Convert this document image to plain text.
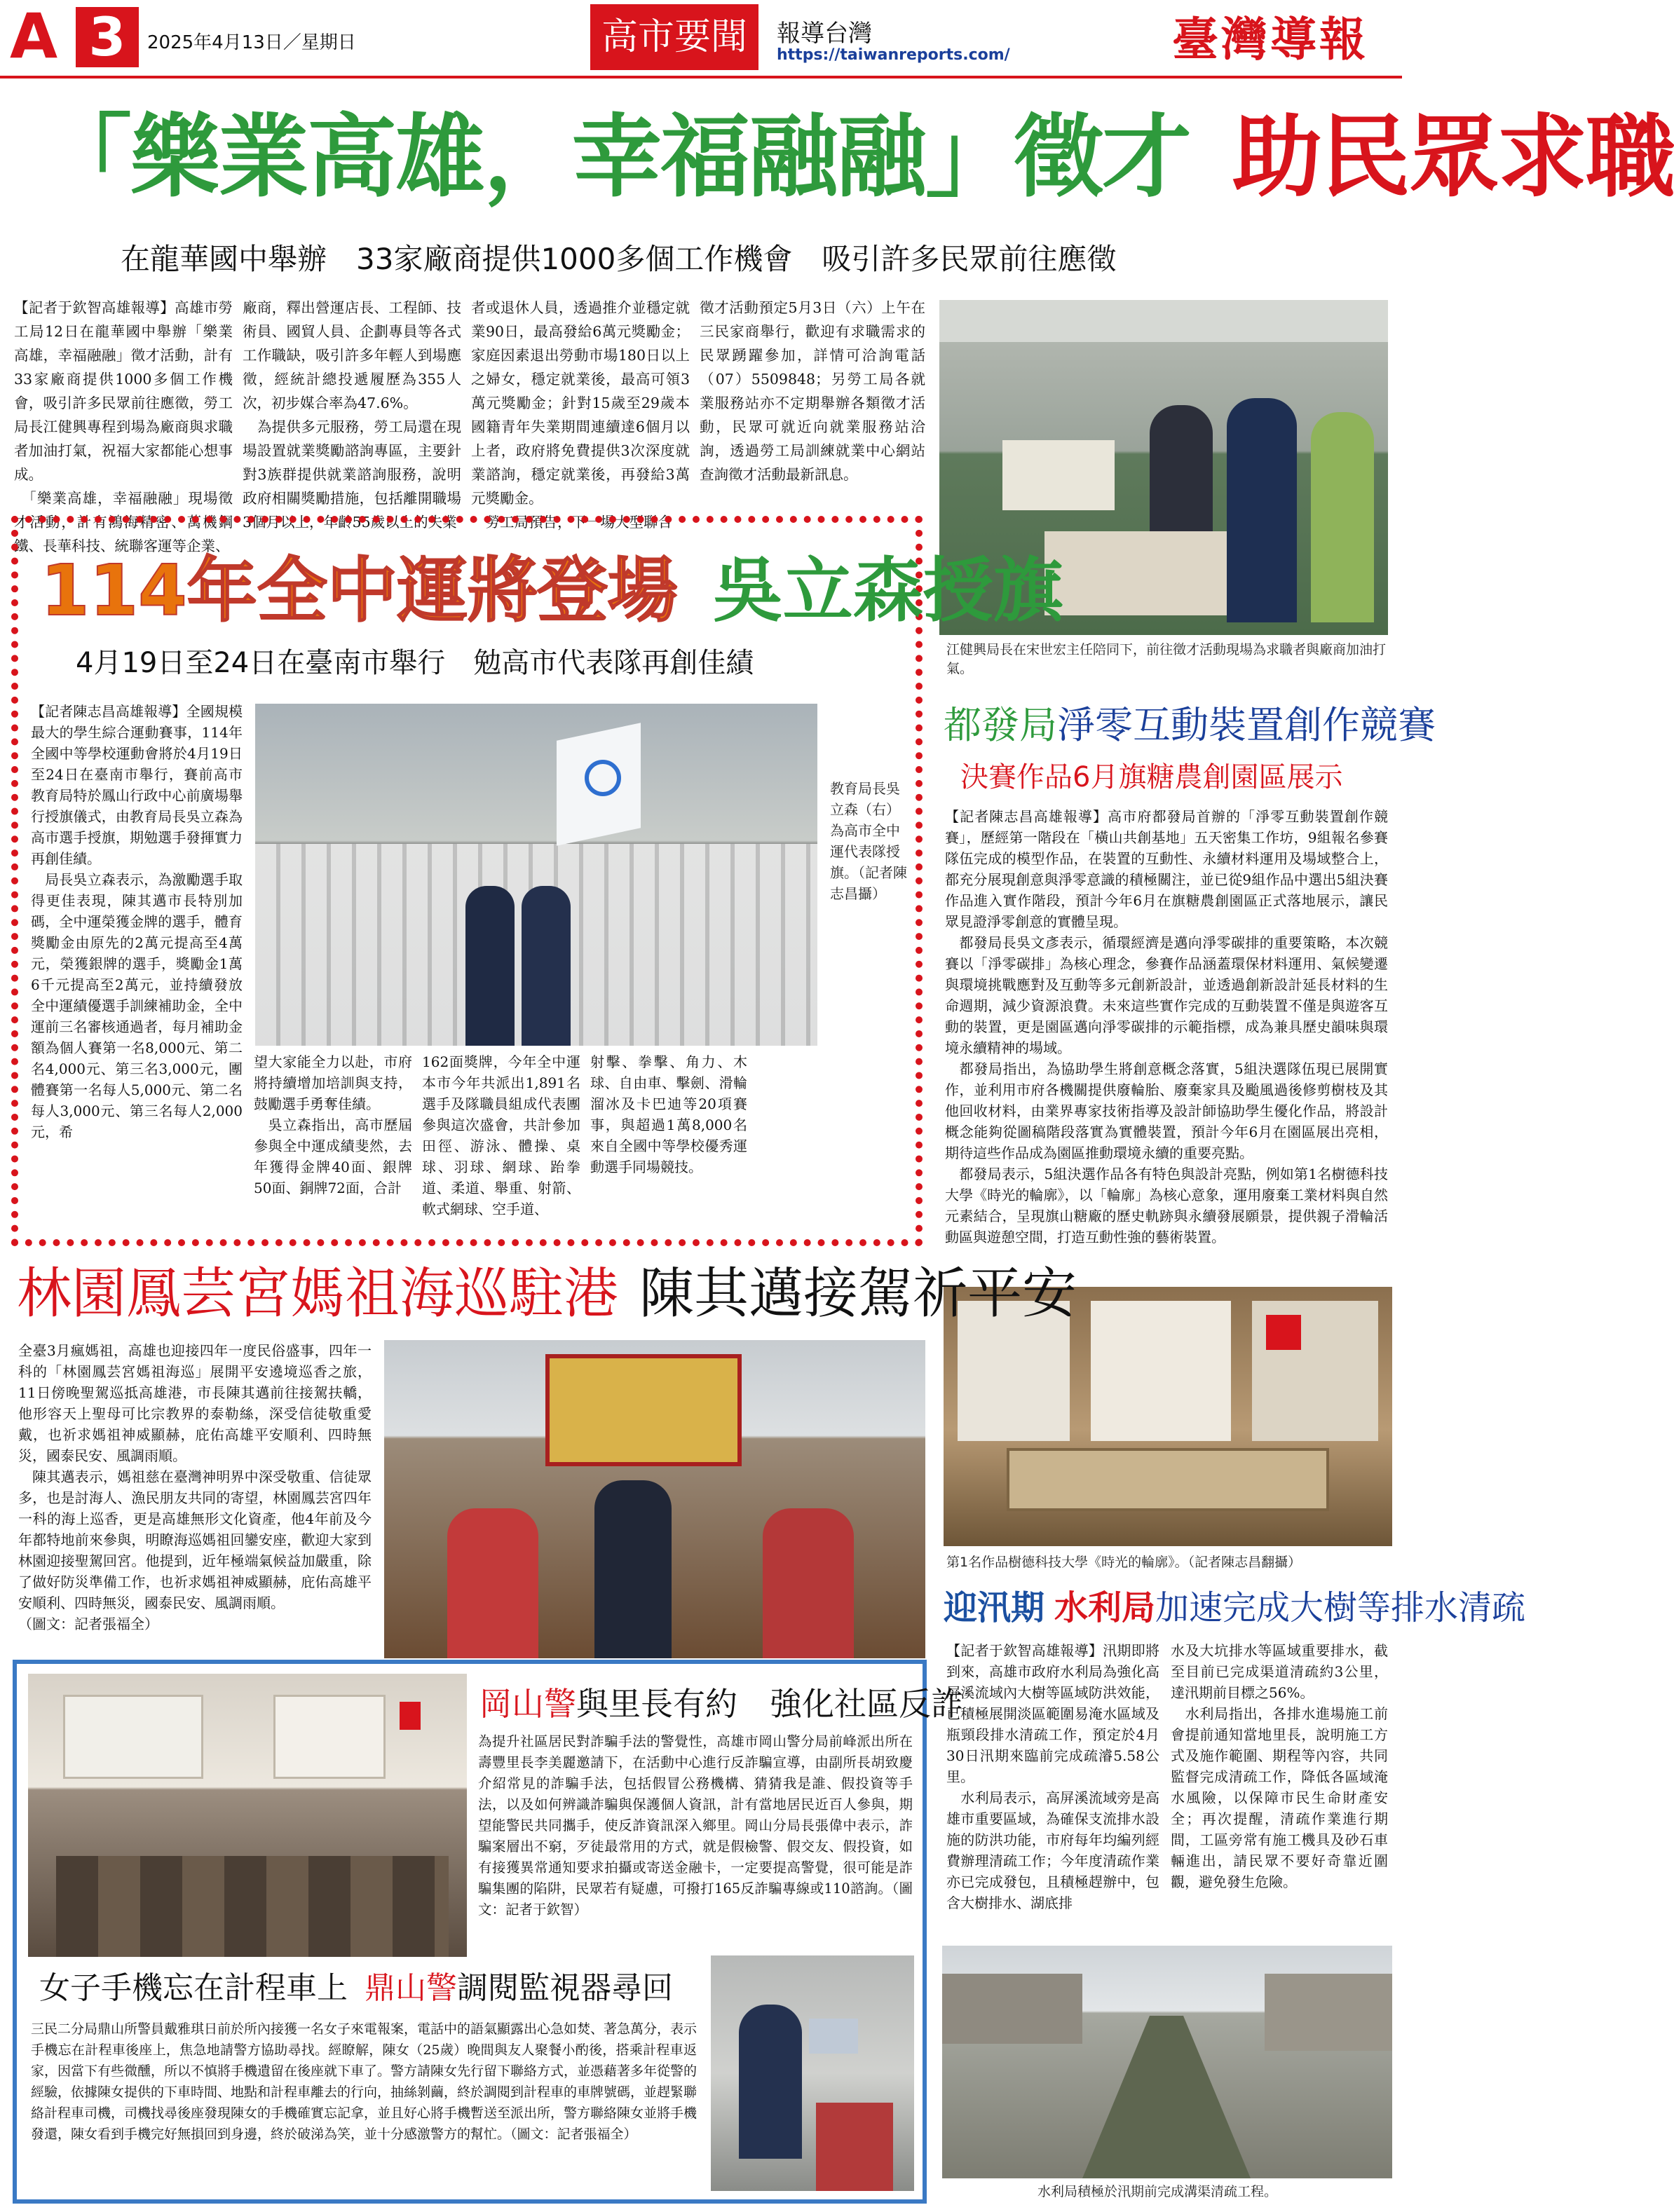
A 3	2025年4月13日／星期日	高市要聞	報導台灣
https://taiwanreports.com/	臺灣導報
「樂業高雄，幸福融融」徵才 助民眾求職
在龍華國中舉辦　33家廠商提供1000多個工作機會　吸引許多民眾前往應徵
【記者于欽智高雄報導】高雄市勞工局12日在龍華國中舉辦「樂業高雄，幸福融融」徵才活動，計有33家廠商提供1000多個工作機會，吸引許多民眾前往應徵，勞工局長江健興專程到場為廠商與求職者加油打氣，祝福大家都能心想事成。
　「樂業高雄，幸福融融」現場徵才活動，計有鴻海精密、萬機鋼鐵、長華科技、統聯客運等企業、
廠商，釋出營運店長、工程師、技術員、國貿人員、企劃專員等各式工作職缺，吸引許多年輕人到場應徵，經統計總投遞履歷為355人次，初步媒合率為47.6%。
　為提供多元服務，勞工局還在現場設置就業獎勵諮詢專區，主要針對3族群提供就業諮詢服務，說明政府相關獎勵措施，包括離開職場3個月以上，年齡55歲以上的失業
者或退休人員，透過推介並穩定就業90日，最高發給6萬元獎勵金；家庭因素退出勞動市場180日以上之婦女，穩定就業後，最高可領3萬元獎勵金；針對15歲至29歲本國籍青年失業期間連續達6個月以上者，政府將免費提供3次深度就業諮詢，穩定就業後，再發給3萬元獎勵金。
　勞工局預告，下一場大型聯合
徵才活動預定5月3日（六）上午在三民家商舉行，歡迎有求職需求的民眾踴躍參加，詳情可洽詢電話（07）5509848；另勞工局各就業服務站亦不定期舉辦各類徵才活動，民眾可就近向就業服務站洽詢，透過勞工局訓練就業中心網站查詢徵才活動最新訊息。
江健興局長在宋世宏主任陪同下，前往徵才活動現場為求職者與廠商加油打氣。
114年全中運將登場 吳立森授旗
4月19日至24日在臺南市舉行　勉高市代表隊再創佳績
【記者陳志昌高雄報導】全國規模最大的學生綜合運動賽事，114年全國中等學校運動會將於4月19日至24日在臺南市舉行，賽前高市教育局特於鳳山行政中心前廣場舉行授旗儀式，由教育局長吳立森為高市選手授旗，期勉選手發揮實力再創佳績。
　局長吳立森表示，為激勵選手取得更佳表現，陳其邁市長特別加碼，全中運榮獲金牌的選手，體育獎勵金由原先的2萬元提高至4萬元，榮獲銀牌的選手，獎勵金1萬6千元提高至2萬元，並持續發放全中運績優選手訓練補助金，全中運前三名審核通過者，每月補助金額為個人賽第一名8,000元、第二名4,000元、第三名3,000元，團體賽第一名每人5,000元、第二名每人3,000元、第三名每人2,000元，希
教育局長吳立森（右）為高市全中運代表隊授旗。（記者陳志昌攝）
望大家能全力以赴，市府將持續增加培訓與支持，鼓勵選手勇奪佳績。
　吳立森指出，高市歷屆參與全中運成績斐然，去年獲得金牌40面、銀牌50面、銅牌72面，合計
162面獎牌，今年全中運本市今年共派出1,891名選手及隊職員組成代表團參與這次盛會，共計參加田徑、游泳、體操、桌球、羽球、網球、跆拳道、柔道、舉重、射箭、軟式網球、空手道、
射擊、拳擊、角力、木球、自由車、擊劍、滑輪溜冰及卡巴迪等20項賽事，與超過1萬8,000名來自全國中等學校優秀運動選手同場競技。
都發局淨零互動裝置創作競賽
決賽作品6月旗糖農創園區展示
【記者陳志昌高雄報導】高市府都發局首辦的「淨零互動裝置創作競賽」，歷經第一階段在「橫山共創基地」五天密集工作坊，9組報名參賽隊伍完成的模型作品，在裝置的互動性、永續材料運用及場域整合上，都充分展現創意與淨零意識的積極關注，並已從9組作品中選出5組決賽作品進入實作階段，預計今年6月在旗糖農創園區正式落地展示，讓民眾見證淨零創意的實體呈現。
　都發局長吳文彥表示，循環經濟是邁向淨零碳排的重要策略，本次競賽以「淨零碳排」為核心理念，參賽作品涵蓋環保材料運用、氣候變遷與環境挑戰應對及互動等多元創新設計，並透過創新設計延長材料的生命週期，減少資源浪費。未來這些實作完成的互動裝置不僅是與遊客互動的裝置，更是園區邁向淨零碳排的示範指標，成為兼具歷史韻味與環境永續精神的場域。
　都發局指出，為協助學生將創意概念落實，5組決選隊伍現已展開實作，並利用市府各機關提供廢輪胎、廢棄家具及颱風過後修剪樹枝及其他回收材料，由業界專家技術指導及設計師協助學生優化作品，將設計概念能夠從圖稿階段落實為實體裝置，預計今年6月在園區展出亮相，期待這些作品成為園區推動環境永續的重要亮點。
　都發局表示，5組決選作品各有特色與設計亮點，例如第1名樹德科技大學《時光的輪廓》，以「輪廓」為核心意象，運用廢棄工業材料與自然元素結合，呈現旗山糖廠的歷史軌跡與永續發展願景，提供親子滑輪活動區與遊憩空間，打造互動性強的藝術裝置。
第1名作品樹德科技大學《時光的輪廓》。（記者陳志昌翻攝）
林園鳳芸宮媽祖海巡駐港 陳其邁接駕祈平安
全臺3月瘋媽祖，高雄也迎接四年一度民俗盛事，四年一科的「林園鳳芸宮媽祖海巡」展開平安遶境巡香之旅，11日傍晚聖駕巡抵高雄港，市長陳其邁前往接駕扶轎，他形容天上聖母可比宗教界的泰勒絲，深受信徒敬重愛戴，也祈求媽祖神威顯赫，庇佑高雄平安順利、四時無災，國泰民安、風調雨順。
　陳其邁表示，媽祖慈在臺灣神明界中深受敬重、信徒眾多，也是討海人、漁民朋友共同的寄望，林園鳳芸宮四年一科的海上巡香，更是高雄無形文化資產，他4年前及今年都特地前來參與，明瞭海巡媽祖回鑾安座，歡迎大家到林園迎接聖駕回宮。他提到，近年極端氣候益加嚴重，除了做好防災準備工作，也祈求媽祖神威顯赫，庇佑高雄平安順利、四時無災，國泰民安、風調雨順。
（圖文：記者張福全）	迎汛期 水利局加速完成大樹等排水清疏
【記者于欽智高雄報導】汛期即將到來，高雄市政府水利局為強化高屏溪流域內大樹等區域防洪效能，已積極展開淡區範圍易淹水區域及瓶頸段排水清疏工作，預定於4月30日汛期來臨前完成疏濬5.58公里。
　水利局表示，高屏溪流域旁是高雄市重要區域，為確保支流排水設施的防洪功能，市府每年均編列經費辦理清疏工作；今年度清疏作業亦已完成發包，且積極趕辦中，包含大樹排水、湖底排
水及大坑排水等區域重要排水，截至目前已完成渠道清疏約3公里，達汛期前目標之56%。
　水利局指出，各排水進場施工前會提前通知當地里長，說明施工方式及施作範圍、期程等內容，共同監督完成清疏工作，降低各區域淹水風險，以保障市民生命財產安全；再次提醒，清疏作業進行期間，工區旁常有施工機具及砂石車輛進出，請民眾不要好奇靠近圍觀，避免發生危險。
水利局積極於汛期前完成溝渠清疏工程。
岡山警與里長有約　強化社區反詐
為提升社區居民對詐騙手法的警覺性，高雄市岡山警分局前峰派出所在壽豐里長李美麗邀請下，在活動中心進行反詐騙宣導，由副所長胡致慶介紹常見的詐騙手法，包括假冒公務機構、猜猜我是誰、假投資等手法，以及如何辨識詐騙與保護個人資訊，計有當地居民近百人參與，期望能警民共同攜手，使反詐資訊深入鄉里。岡山分局長張偉中表示，詐騙案層出不窮，歹徒最常用的方式，就是假檢警、假交友、假投資，如有接獲異常通知要求拍攝或寄送金融卡，一定要提高警覺，很可能是詐騙集團的陷阱，民眾若有疑慮，可撥打165反詐騙專線或110諮詢。（圖文：記者于欽智）
女子手機忘在計程車上 鼎山警調閱監視器尋回
三民二分局鼎山所警員戴雅琪日前於所內接獲一名女子來電報案，電話中的語氣顯露出心急如焚、著急萬分，表示手機忘在計程車後座上，焦急地請警方協助尋找。經瞭解，陳女（25歲）晚間與友人聚餐小酌後，搭乘計程車返家，因當下有些微醺，所以不慎將手機遺留在後座就下車了。警方請陳女先行留下聯絡方式，並憑藉著多年從警的經驗，依據陳女提供的下車時間、地點和計程車離去的行向，抽絲剝繭，終於調閱到計程車的車牌號碼，並趕緊聯絡計程車司機，司機找尋後座發現陳女的手機確實忘記拿，並且好心將手機暫送至派出所，警方聯絡陳女並將手機發還，陳女看到手機完好無損回到身邊，終於破涕為笑，並十分感激警方的幫忙。（圖文：記者張福全）
